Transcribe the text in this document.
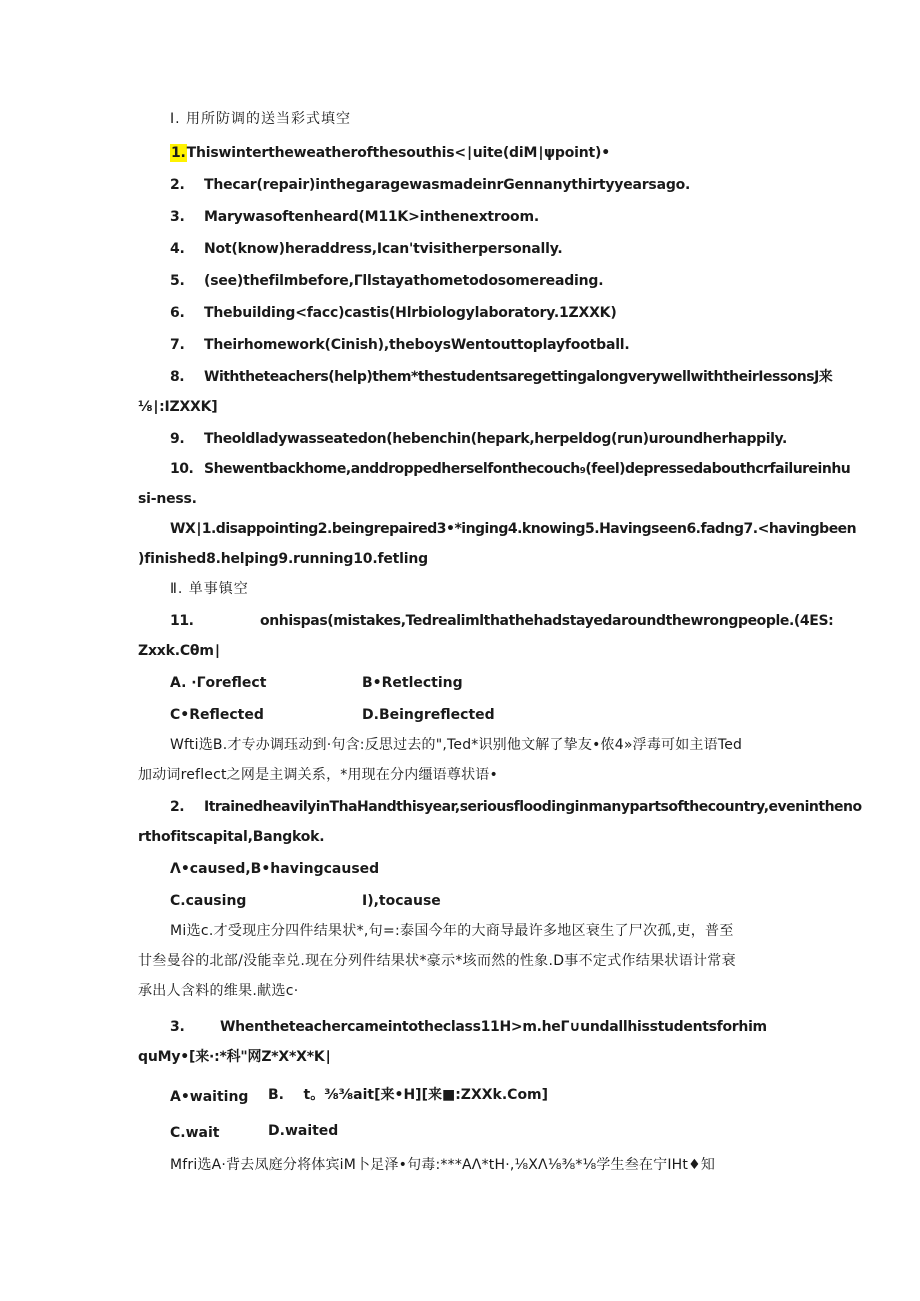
Ⅰ. 用所防调的送当彩式填空
1.Thiswintertheweatherofthesouthis<∣uite(diM∣ψpoint)•
2. Thecar(repair)inthegaragewasmadeinrGennanythirtyyearsago.
3. Marywasoftenheard(M11K>inthenextroom.
4. Not(know)heraddress,Ican'tvisitherpersonally.
5. (see)thefilmbefore,Γllstayathometodosomereading.
6. Thebuilding<facc)castis(Hlrbiologylaboratory.1ZXXK)
7. Theirhomework(Cinish),theboysWentouttoplayfootball.
8. Withtheteachers(help)them*thestudentsaregettingalongverywellwiththeirIessonsJ来
⅛∣:IZXXK]
9. Theoldladywasseatedon(hebenchin(hepark,herpeldog(run)uroundherhappily.
10. Shewentbackhome,anddroppedherselfonthecouch₉(feel)depressedabouthcrfailureinhu
si-ness.
WX∣1.disappointing2.beingrepaired3•*inging4.knowing5.Havingseen6.fadng7.<havingbeen
)finished8.helping9.running10.fetling
Ⅱ. 单事镇空
11.	onhispas(mistakes,Tedrealimlthathehadstayedaroundthewrongpeople.(4ES:
Zxxk.Cθm∣
A. ·Γoreflect	B•Retlecting
C•Reflected	D.Beingreflected
Wfti选B.才专办调珏动到·句含:反思过去的",Ted*识别他文解了挚友•侬4»浮毒可如主语Ted
加动词reflect之网是主调关系，*用现在分内缰语尊状语•
2. ItrainedheavilyinThaHandthisyear,seriousfloodinginmanypartsofthecountry,evenintheno
rthofitscapital,Bangkok.
Λ•caused,B•havingcaused
C.causing	I),tocause
Mi选c.才受现庄分四件结果状*,句=:泰国今年的大商导最许多地区衰生了尸次孤,吏，普至
廿叁曼谷的北部/没能幸兑.现在分列件结果状*豪示*垓而然的性象.D事不定式作结果状语计常衰
承出人含料的维果.献选c·
3.	Whentheteachercameintotheclass11H>m.heΓ∪undallhisstudentsforhim
quMy•[来·:*科"网Z*X*X*K∣
A•waiting B. t。⅜⅜ait[来•H][来■:ZXXk.Com]
C.wait	D.waited
Mfri选A·背去凤庭分将体宾iM卜足泽•句毒:***AΛ*tH·,⅛XΛ⅛⅜*⅛学生叁在宁IHt♦知
